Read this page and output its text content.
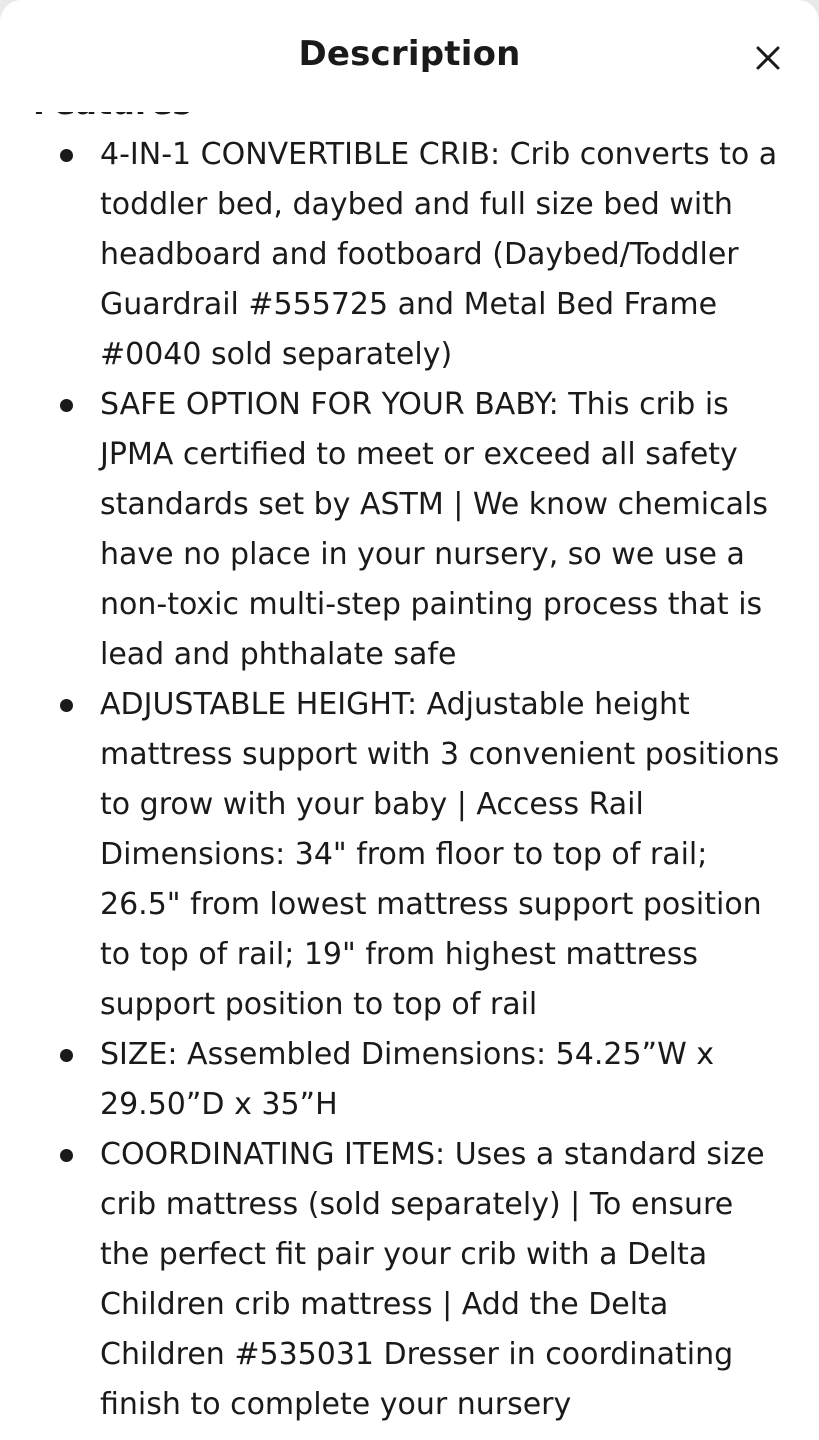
4-IN-1 CONVERTIBLE CRIB: Crib converts to a toddler bed, daybed and full size bed with headboard and footboard (Daybed/Toddler Guardrail #555725 and Metal Bed Frame #0040 sold separately)
SAFE OPTION FOR YOUR BABY: This crib is JPMA certified to meet or exceed all safety standards set by ASTM | We know chemicals have no place in your nursery, so we use a non-toxic multi-step painting process that is lead and phthalate safe
ADJUSTABLE HEIGHT: Adjustable height mattress support with 3 convenient positions to grow with your baby | Access Rail Dimensions: 34" from floor to top of rail; 26.5" from lowest mattress support position to top of rail; 19" from highest mattress support position to top of rail
SIZE: Assembled Dimensions: 54.25”W x 29.50”D x 35”H
COORDINATING ITEMS: Uses a standard size crib mattress (sold separately) | To ensure the perfect fit pair your crib with a Delta Children crib mattress | Add the Delta Children #535031 Dresser in coordinating finish to complete your nursery
Description
